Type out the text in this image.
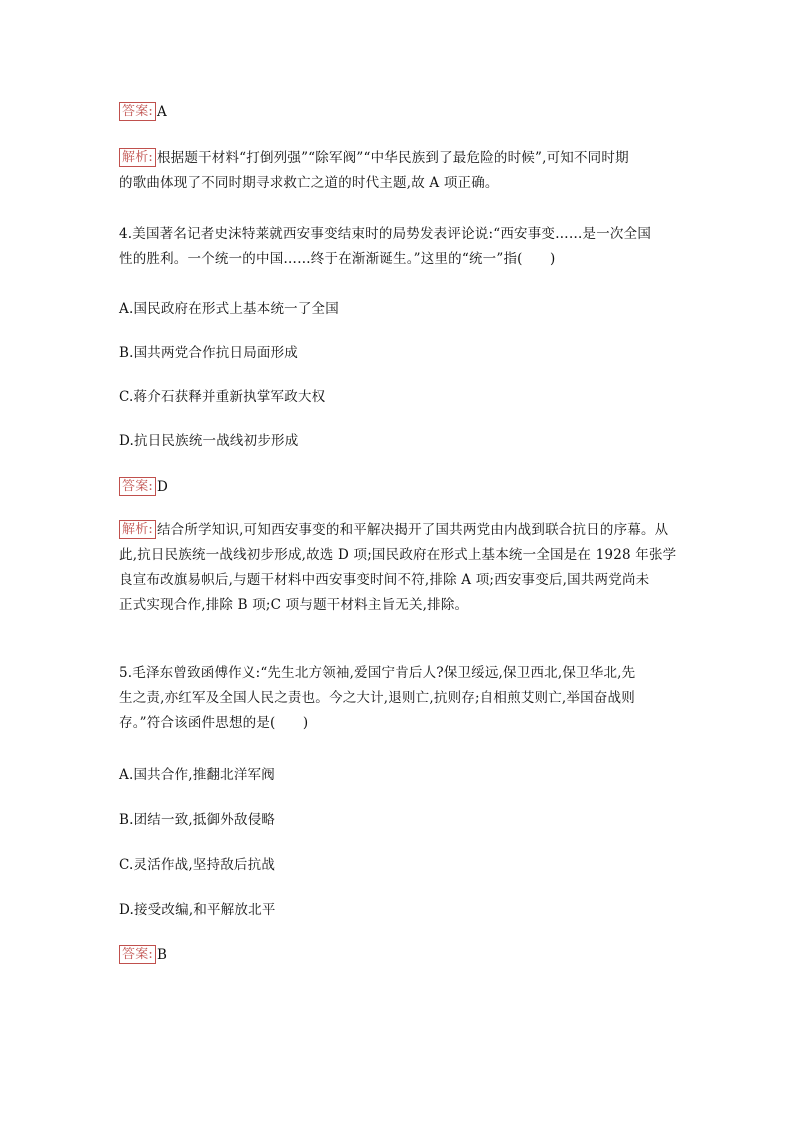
答案: A
解析: 根据题干材料“打倒列强”“除军阀”“中华民族到了最危险的时候”,可知不同时期
的歌曲体现了不同时期寻求救亡之道的时代主题,故 A 项正确。
4.美国著名记者史沫特莱就西安事变结束时的局势发表评论说:“西安事变……是一次全国
性的胜利。一个统一的中国……终于在渐渐诞生。”这里的“统一”指(　　)
A.国民政府在形式上基本统一了全国
B.国共两党合作抗日局面形成
C.蒋介石获释并重新执掌军政大权
D.抗日民族统一战线初步形成
答案: D
解析: 结合所学知识,可知西安事变的和平解决揭开了国共两党由内战到联合抗日的序幕。从
此,抗日民族统一战线初步形成,故选 D 项;国民政府在形式上基本统一全国是在 1928 年张学
良宣布改旗易帜后,与题干材料中西安事变时间不符,排除 A 项;西安事变后,国共两党尚未
正式实现合作,排除 B 项;C 项与题干材料主旨无关,排除。
5.毛泽东曾致函傅作义:“先生北方领袖,爱国宁肯后人?保卫绥远,保卫西北,保卫华北,先
生之责,亦红军及全国人民之责也。今之大计,退则亡,抗则存;自相煎艾则亡,举国奋战则
存。”符合该函件思想的是(　　)
A.国共合作,推翻北洋军阀
B.团结一致,抵御外敌侵略
C.灵活作战,坚持敌后抗战
D.接受改编,和平解放北平
答案: B
